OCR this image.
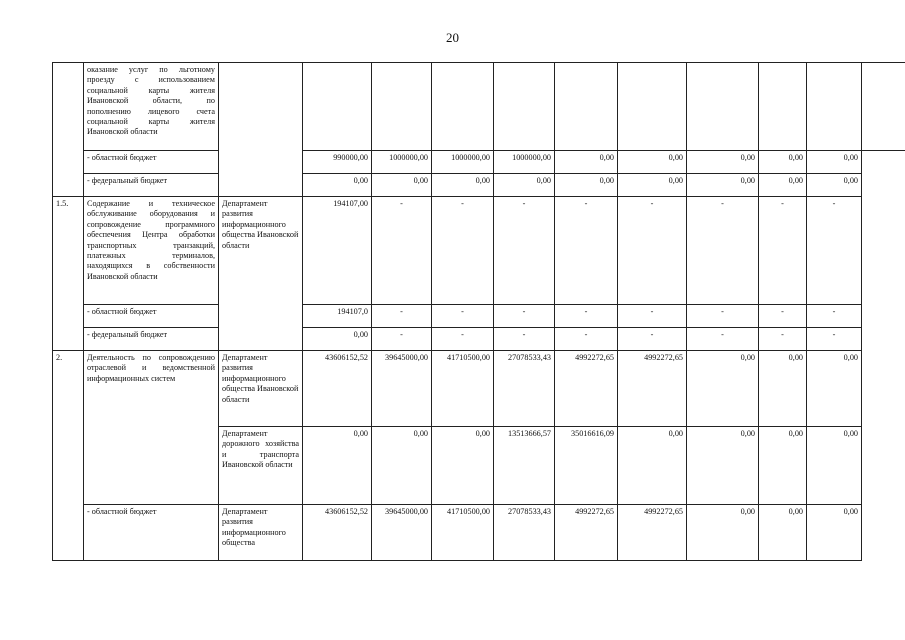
20
	оказание услуг по льготному проезду с использованием социальной карты жителя Ивановской области, по пополнению лицевого счета социальной карты жителя Ивановской области											
	- областной бюджет		990000,00	1000000,00	1000000,00	1000000,00	0,00	0,00	0,00	0,00	0,00	
	- федеральный бюджет		0,00	0,00	0,00	0,00	0,00	0,00	0,00	0,00	0,00	
1.5.	Содержание и техническое обслуживание оборудования и сопровождение программного обеспечения Центра обработки транспортных транзакций, платежных терминалов, находящихся в собственности Ивановской области	Департамент развития информационного общества Ивановской области	194107,00	-	-	-	-	-	-	-	-	
	- областной бюджет		194107,0	-	-	-	-	-	-	-	-	
	- федеральный бюджет		0,00	-	-	-	-	-	-	-	-	
2.	Деятельность по сопровождению отраслевой и ведомственной информационных систем	Департамент развития информационного общества Ивановской области	43606152,52	39645000,00	41710500,00	27078533,43	4992272,65	4992272,65	0,00	0,00	0,00	
		Департамент дорожного хозяйства и транспорта Ивановской области	0,00	0,00	0,00	13513666,57	35016616,09	0,00	0,00	0,00	0,00	
	- областной бюджет	Департамент развития информационного общества	43606152,52	39645000,00	41710500,00	27078533,43	4992272,65	4992272,65	0,00	0,00	0,00	
